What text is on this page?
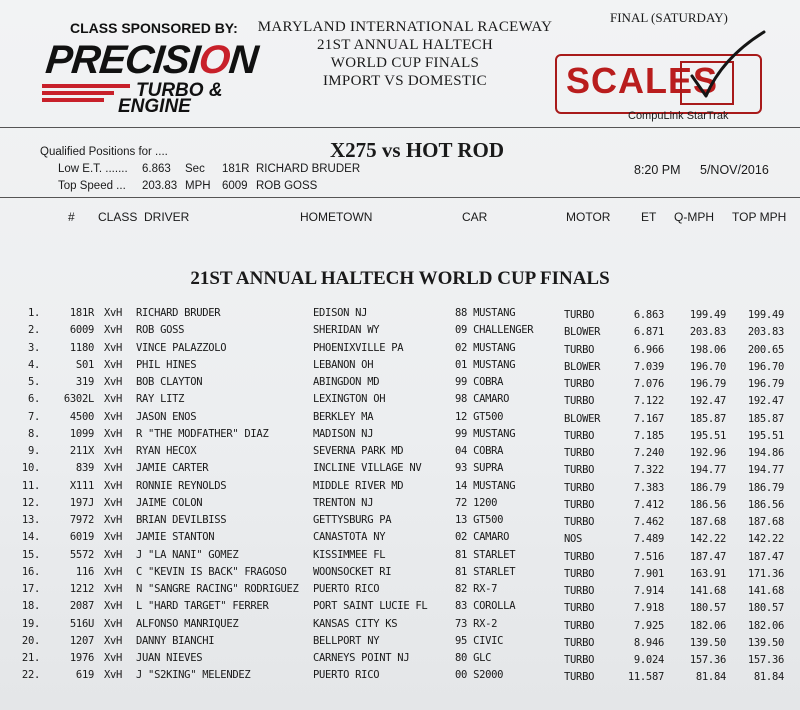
CLASS SPONSORED BY:
PRECISION
TURBO &
ENGINE
MARYLAND INTERNATIONAL RACEWAY
21ST ANNUAL HALTECH
WORLD CUP FINALS
IMPORT VS DOMESTIC
FINAL (SATURDAY)
SCALES
CompuLink StarTrak
Qualified Positions for ....
Low E.T. ....... 6.863 Sec 181R RICHARD BRUDER
Top Speed ... 203.83 MPH 6009 ROB GOSS
X275 vs HOT ROD
8:20 PM 5/NOV/2016
# CLASS DRIVER	HOMETOWN	CAR	MOTOR	ET Q-MPH TOP MPH
21ST ANNUAL HALTECH WORLD CUP FINALS
1.	181R XvH	RICHARD BRUDER	EDISON NJ	88 MUSTANG	TURBO	6.863	199.49	199.49
2.	6009 XvH	ROB GOSS	SHERIDAN WY	09 CHALLENGER	BLOWER	6.871	203.83	203.83
3.	1180 XvH	VINCE PALAZZOLO	PHOENIXVILLE PA	02 MUSTANG	TURBO	6.966	198.06	200.65
4.	S01 XvH	PHIL HINES	LEBANON OH	01 MUSTANG	BLOWER	7.039	196.70	196.70
5.	319 XvH	BOB CLAYTON	ABINGDON MD	99 COBRA	TURBO	7.076	196.79	196.79
6.	6302L XvH	RAY LITZ	LEXINGTON OH	98 CAMARO	TURBO	7.122	192.47	192.47
7.	4500 XvH	JASON ENOS	BERKLEY MA	12 GT500	BLOWER	7.167	185.87	185.87
8.	1099 XvH	R "THE MODFATHER" DIAZ	MADISON NJ	99 MUSTANG	TURBO	7.185	195.51	195.51
9.	211X XvH	RYAN HECOX	SEVERNA PARK MD	04 COBRA	TURBO	7.240	192.96	194.86
10.	839 XvH	JAMIE CARTER	INCLINE VILLAGE NV	93 SUPRA	TURBO	7.322	194.77	194.77
11.	X111 XvH	RONNIE REYNOLDS	MIDDLE RIVER MD	14 MUSTANG	TURBO	7.383	186.79	186.79
12.	197J XvH	JAIME COLON	TRENTON NJ	72 1200	TURBO	7.412	186.56	186.56
13.	7972 XvH	BRIAN DEVILBISS	GETTYSBURG PA	13 GT500	TURBO	7.462	187.68	187.68
14.	6019 XvH	JAMIE STANTON	CANASTOTA NY	02 CAMARO	NOS	7.489	142.22	142.22
15.	5572 XvH	J "LA NANI" GOMEZ	KISSIMMEE FL	81 STARLET	TURBO	7.516	187.47	187.47
16.	116 XvH	C "KEVIN IS BACK" FRAGOSO	WOONSOCKET RI	81 STARLET	TURBO	7.901	163.91	171.36
17.	1212 XvH	N "SANGRE RACING" RODRIGUEZ	PUERTO RICO	82 RX-7	TURBO	7.914	141.68	141.68
18.	2087 XvH	L "HARD TARGET" FERRER	PORT SAINT LUCIE FL	83 COROLLA	TURBO	7.918	180.57	180.57
19.	516U XvH	ALFONSO MANRIQUEZ	KANSAS CITY KS	73 RX-2	TURBO	7.925	182.06	182.06
20.	1207 XvH	DANNY BIANCHI	BELLPORT NY	95 CIVIC	TURBO	8.946	139.50	139.50
21.	1976 XvH	JUAN NIEVES	CARNEYS POINT NJ	80 GLC	TURBO	9.024	157.36	157.36
22.	619 XvH	J "S2KING" MELENDEZ	PUERTO RICO	00 S2000	TURBO	11.587	81.84	81.84
